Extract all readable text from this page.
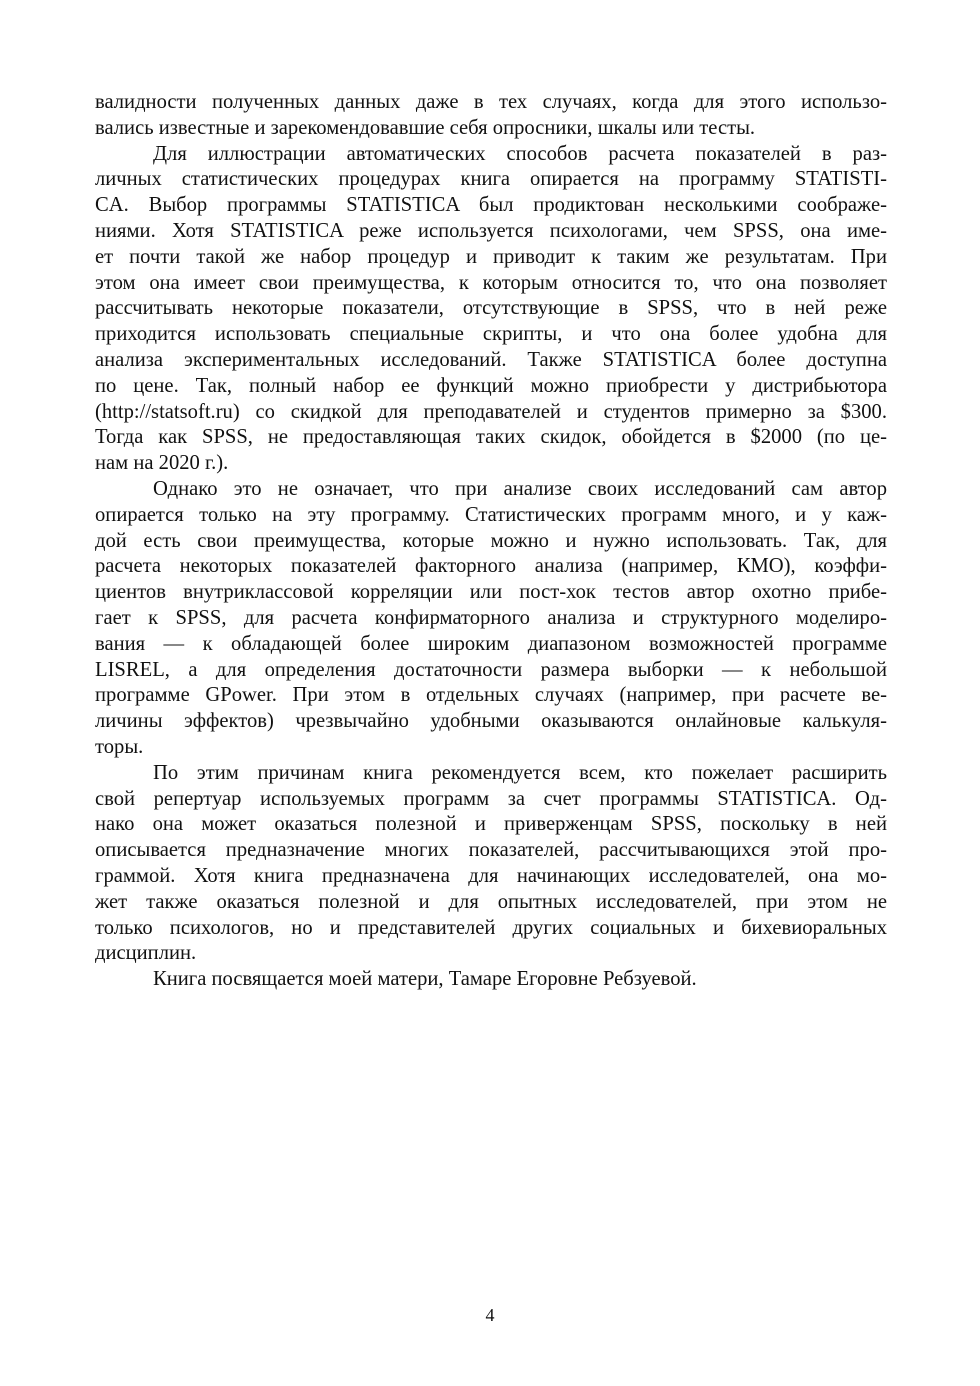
валидности полученных данных даже в тех случаях, когда для этого использо-
вались известные и зарекомендовавшие себя опросники, шкалы или тесты.
Для иллюстрации автоматических способов расчета показателей в раз-
личных статистических процедурах книга опирается на программу STATISTI-
CA. Выбор программы STATISTICA был продиктован несколькими соображе-
ниями. Хотя STATISTICA реже используется психологами, чем SPSS, она име-
ет почти такой же набор процедур и приводит к таким же результатам. При
этом она имеет свои преимущества, к которым относится то, что она позволяет
рассчитывать некоторые показатели, отсутствующие в SPSS, что в ней реже
приходится использовать специальные скрипты, и что она более удобна для
анализа экспериментальных исследований. Также STATISTICA более доступна
по цене. Так, полный набор ее функций можно приобрести у дистрибьютора
(http://statsoft.ru) со скидкой для преподавателей и студентов примерно за $300.
Тогда как SPSS, не предоставляющая таких скидок, обойдется в $2000 (по це-
нам на 2020 г.).
Однако это не означает, что при анализе своих исследований сам автор
опирается только на эту программу. Статистических программ много, и у каж-
дой есть свои преимущества, которые можно и нужно использовать. Так, для
расчета некоторых показателей факторного анализа (например, КМО), коэффи-
циентов внутриклассовой корреляции или пост-хок тестов автор охотно прибе-
гает к SPSS, для расчета конфирматорного анализа и структурного моделиро-
вания — к обладающей более широким диапазоном возможностей программе
LISREL, а для определения достаточности размера выборки — к небольшой
программе GPower. При этом в отдельных случаях (например, при расчете ве-
личины эффектов) чрезвычайно удобными оказываются онлайновые калькуля-
торы.
По этим причинам книга рекомендуется всем, кто пожелает расширить
свой репертуар используемых программ за счет программы STATISTICA. Од-
нако она может оказаться полезной и приверженцам SPSS, поскольку в ней
описывается предназначение многих показателей, рассчитывающихся этой про-
граммой. Хотя книга предназначена для начинающих исследователей, она мо-
жет также оказаться полезной и для опытных исследователей, при этом не
только психологов, но и представителей других социальных и бихевиоральных
дисциплин.
Книга посвящается моей матери, Тамаре Егоровне Ребзуевой.
4
